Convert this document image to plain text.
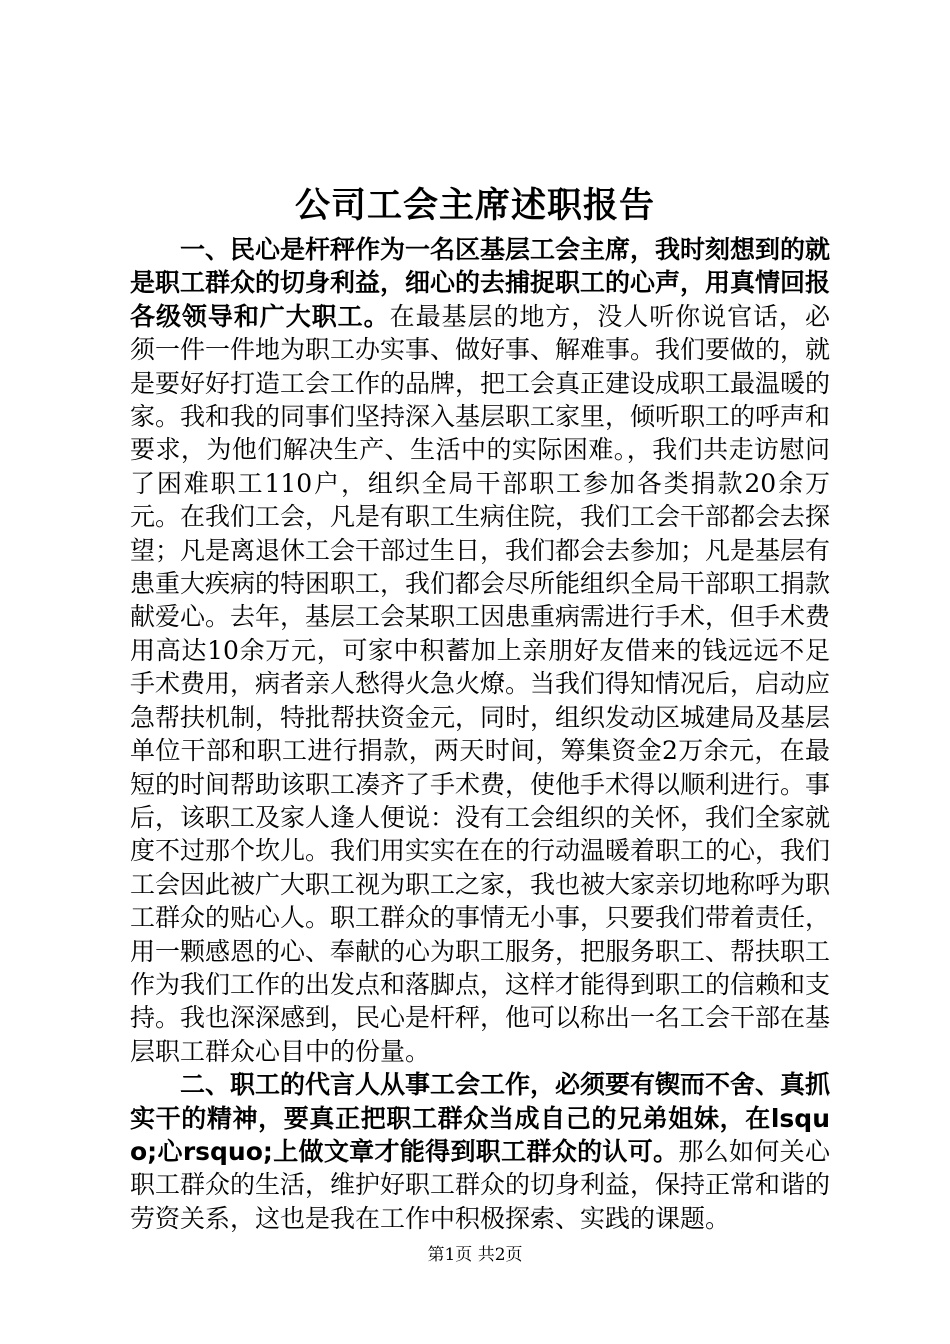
公司工会主席述职报告

一、民心是杆秤作为一名区基层工会主席，我时刻想到的就是职工群众的切身利益，细心的去捕捉职工的心声，用真情回报各级领导和广大职工。在最基层的地方，没人听你说官话，必须一件一件地为职工办实事、做好事、解难事。我们要做的，就是要好好打造工会工作的品牌，把工会真正建设成职工最温暖的家。我和我的同事们坚持深入基层职工家里，倾听职工的呼声和要求，为他们解决生产、生活中的实际困难。，我们共走访慰问了困难职工110户，组织全局干部职工参加各类捐款20余万元。在我们工会，凡是有职工生病住院，我们工会干部都会去探望；凡是离退休工会干部过生日，我们都会去参加；凡是基层有患重大疾病的特困职工，我们都会尽所能组织全局干部职工捐款献爱心。去年，基层工会某职工因患重病需进行手术，但手术费用高达10余万元，可家中积蓄加上亲朋好友借来的钱远远不足手术费用，病者亲人愁得火急火燎。当我们得知情况后，启动应急帮扶机制，特批帮扶资金元，同时，组织发动区城建局及基层单位干部和职工进行捐款，两天时间，筹集资金2万余元，在最短的时间帮助该职工凑齐了手术费，使他手术得以顺利进行。事后，该职工及家人逢人便说：没有工会组织的关怀，我们全家就度不过那个坎儿。我们用实实在在的行动温暖着职工的心，我们工会因此被广大职工视为职工之家，我也被大家亲切地称呼为职工群众的贴心人。职工群众的事情无小事，只要我们带着责任，用一颗感恩的心、奉献的心为职工服务，把服务职工、帮扶职工作为我们工作的出发点和落脚点，这样才能得到职工的信赖和支持。我也深深感到，民心是杆秤，他可以称出一名工会干部在基层职工群众心目中的份量。

二、职工的代言人从事工会工作，必须要有锲而不舍、真抓实干的精神，要真正把职工群众当成自己的兄弟姐妹，在lsquo;心rsquo;上做文章才能得到职工群众的认可。那么如何关心职工群众的生活，维护好职工群众的切身利益，保持正常和谐的劳资关系，这也是我在工作中积极探索、实践的课题。

第1页 共2页
